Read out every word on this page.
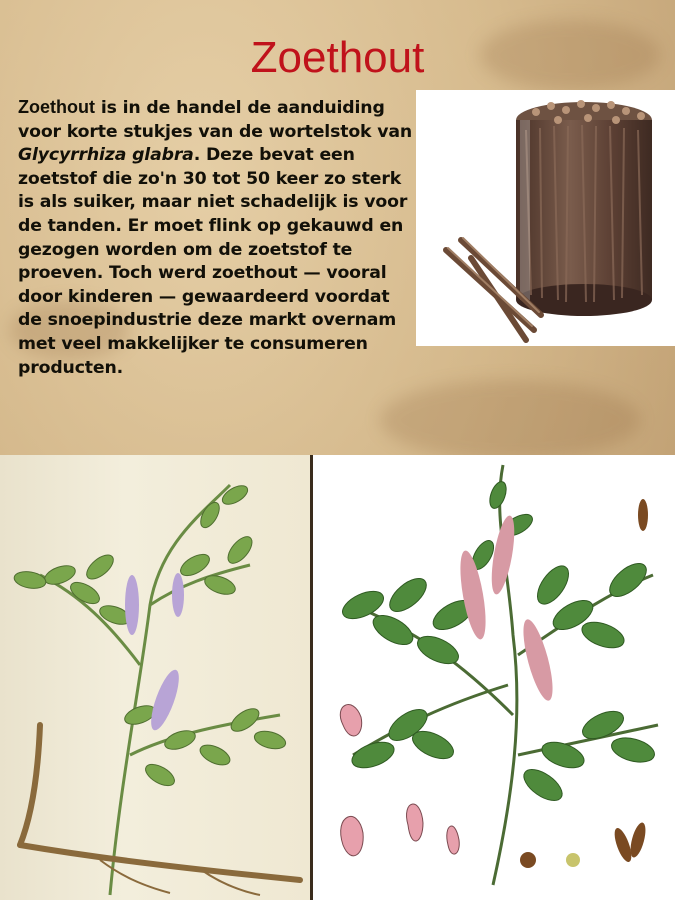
Zoethout
Zoethout is in de handel de aanduiding voor korte stukjes van de wortelstok van Glycyrrhiza glabra. Deze bevat een zoetstof die zo'n 30 tot 50 keer zo sterk is als suiker, maar niet schadelijk is voor de tanden. Er moet flink op gekauwd en gezogen worden om de zoetstof te proeven. Toch werd zoethout — vooral door kinderen — gewaardeerd voordat de snoepindustrie deze markt overnam met veel makkelijker te consumeren producten.
